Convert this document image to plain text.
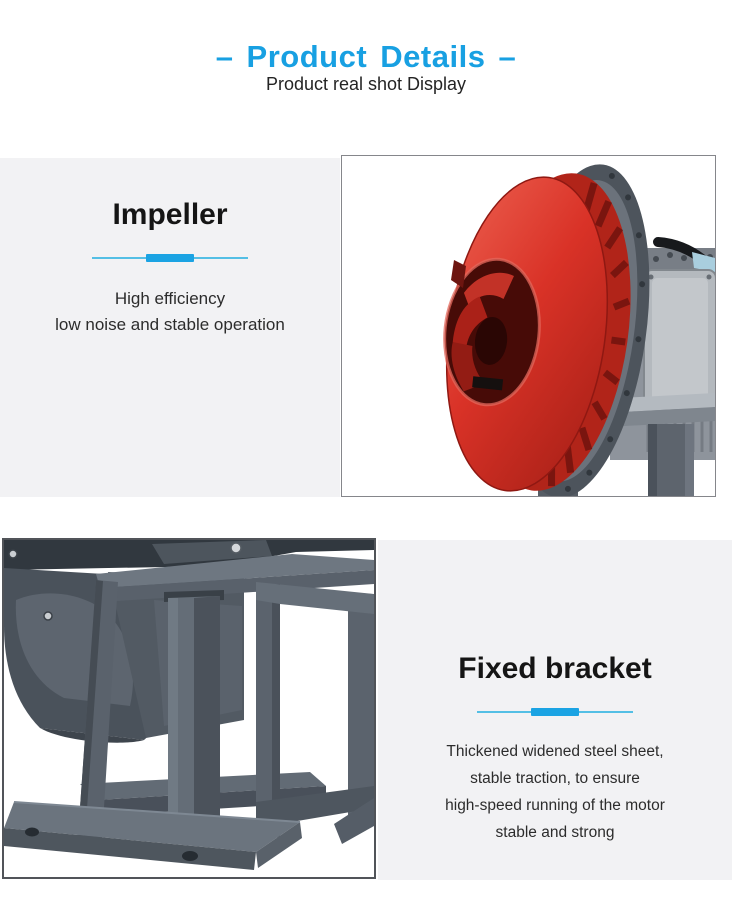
– Product Details –
Product real shot Display
Impeller

High efficiency
low noise and stable operation

Fixed bracket

Thickened widened steel sheet,
stable traction, to ensure
high-speed running of the motor
stable and strong
